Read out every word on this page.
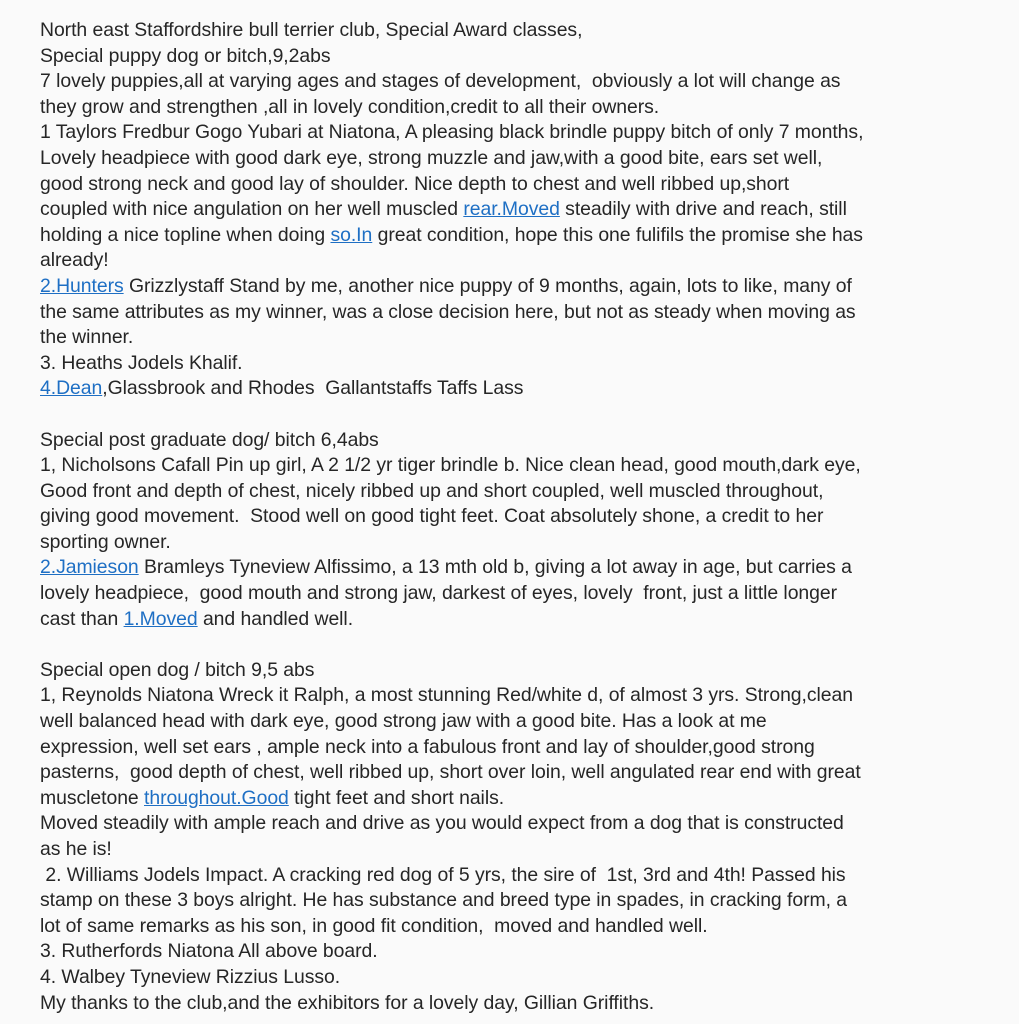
North east Staffordshire bull terrier club, Special Award classes,
Special puppy dog or bitch,9,2abs
7 lovely puppies,all at varying ages and stages of development,  obviously a lot will change as
they grow and strengthen ,all in lovely condition,credit to all their owners.
1 Taylors Fredbur Gogo Yubari at Niatona, A pleasing black brindle puppy bitch of only 7 months,
Lovely headpiece with good dark eye, strong muzzle and jaw,with a good bite, ears set well,
good strong neck and good lay of shoulder. Nice depth to chest and well ribbed up,short
coupled with nice angulation on her well muscled rear.Moved steadily with drive and reach, still
holding a nice topline when doing so.In great condition, hope this one fulifils the promise she has
already!
2.Hunters Grizzlystaff Stand by me, another nice puppy of 9 months, again, lots to like, many of
the same attributes as my winner, was a close decision here, but not as steady when moving as
the winner.
3. Heaths Jodels Khalif.
4.Dean,Glassbrook and Rhodes  Gallantstaffs Taffs Lass
Special post graduate dog/ bitch 6,4abs
1, Nicholsons Cafall Pin up girl, A 2 1/2 yr tiger brindle b. Nice clean head, good mouth,dark eye,
Good front and depth of chest, nicely ribbed up and short coupled, well muscled throughout,
giving good movement.  Stood well on good tight feet. Coat absolutely shone, a credit to her
sporting owner.
2.Jamieson Bramleys Tyneview Alfissimo, a 13 mth old b, giving a lot away in age, but carries a
lovely headpiece,  good mouth and strong jaw, darkest of eyes, lovely  front, just a little longer
cast than 1.Moved and handled well.
Special open dog / bitch 9,5 abs
1, Reynolds Niatona Wreck it Ralph, a most stunning Red/white d, of almost 3 yrs. Strong,clean
well balanced head with dark eye, good strong jaw with a good bite. Has a look at me
expression, well set ears , ample neck into a fabulous front and lay of shoulder,good strong
pasterns,  good depth of chest, well ribbed up, short over loin, well angulated rear end with great
muscletone throughout.Good tight feet and short nails.
Moved steadily with ample reach and drive as you would expect from a dog that is constructed
as he is!
2. Williams Jodels Impact. A cracking red dog of 5 yrs, the sire of  1st, 3rd and 4th! Passed his
stamp on these 3 boys alright. He has substance and breed type in spades, in cracking form, a
lot of same remarks as his son, in good fit condition,  moved and handled well.
3. Rutherfords Niatona All above board.
4. Walbey Tyneview Rizzius Lusso.
My thanks to the club,and the exhibitors for a lovely day, Gillian Griffiths.
